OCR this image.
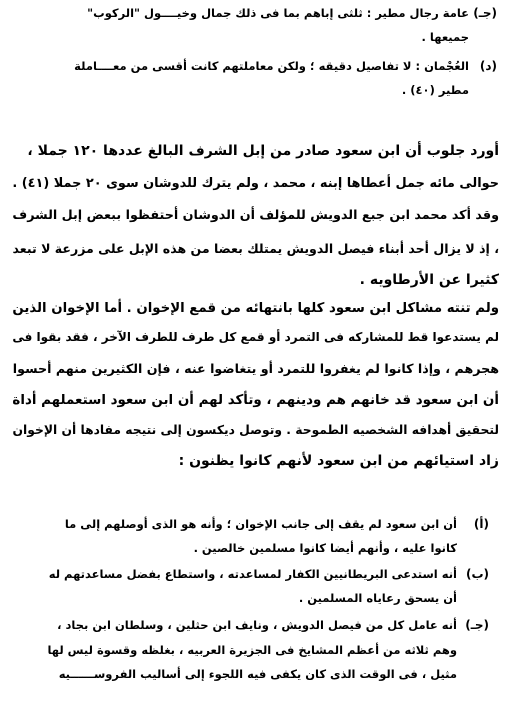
(جـ)
عامة رجال مطير : ثلثى إباهم بما فى ذلك جمال وخيــــول "الركوب"
جميعها .
(د)
العُجْمان : لا تفاصيل دقيقه ؛ ولكن معاملتهم كانت أقسى من معــــاملة
مطير (٤٠) .
أورد جلوب أن ابن سعود صادر من إبل الشرف البالغ عددها ١٢٠ جملا ،
حوالى مائه جمل أعطاها إبنه ، محمد ، ولم يترك للدوشان سوى ٢٠ جملا (٤١) .
وقد أكد محمد ابن جبع الدويش للمؤلف أن الدوشان أحتفظوا ببعض إبل الشرف
، إذ لا يزال أحد أبناء فيصل الدويش يمتلك بعضا من هذه الإبل على مزرعة لا تبعد
كثيرا عن الأرطاويه .
ولم تنته مشاكل ابن سعود كلها بانتهائه من قمع الإخوان . أما الإخوان الذين
لم يستدعوا قط للمشاركه فى التمرد أو قمع كل طرف للطرف الآخر ، فقد بقوا فى
هجرهم ، وإذا كانوا لم يغفروا للتمرد أو يتغاضوا عنه ، فإن الكثيرين منهم أحسوا
أن ابن سعود قد خانهم هم ودينهم ، وتأكد لهم أن ابن سعود استعملهم أداة
لتحقيق أهدافه الشخصيه الطموحة . وتوصل ديكسون إلى نتيجه مفادها أن الإخوان
زاد استيائهم من ابن سعود لأنهم كانوا يظنون :
(أ)
أن ابن سعود لم يقف إلى جانب الإخوان ؛ وأنه هو الذى أوصلهم إلى ما
كانوا عليه ، وأنهم أيضا كانوا مسلمين خالصين .
(ب)
أنه استدعى البريطانيين الكفار لمساعدته ، واستطاع بفضل مساعدتهم له
أن يسحق رعاياه المسلمين .
(جـ)
أنه عامل كل من فيصل الدويش ، ونايف ابن حثلين ، وسلطان ابن بجاد ،
وهم ثلاثه من أعظم المشايخ فى الجزيرة العربيه ، بغلظه وقسوة ليس لها
مثيل ، فى الوقت الذى كان يكفى فيه اللجوء إلى أساليب الفروســــــيه
